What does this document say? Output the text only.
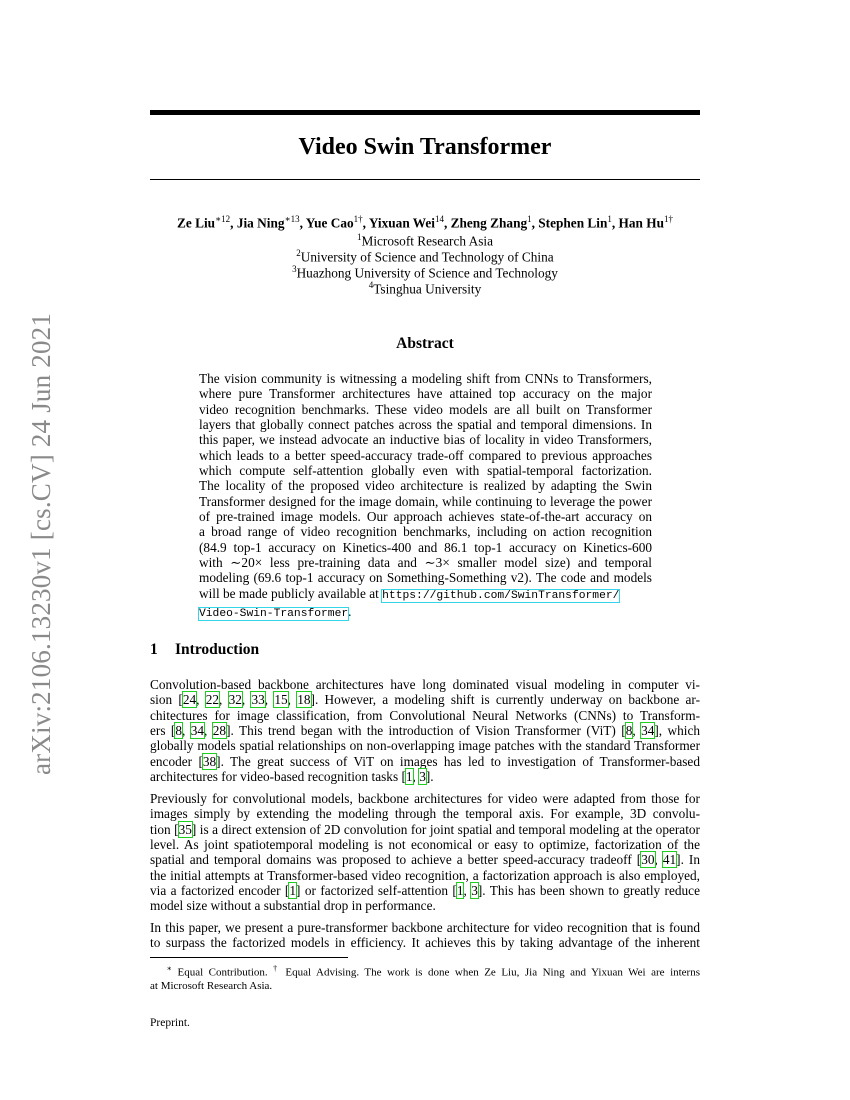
arXiv:2106.13230v1 [cs.CV] 24 Jun 2021
Video Swin Transformer
Ze Liu$^{∗12}$, Jia Ning$^{∗13}$, Yue Cao$^{1\dagger}$, Yixuan Wei$^{14}$, Zheng Zhang$^1$, Stephen Lin$^1$, Han $Hu^{1\dagger}$
$^1$Microsoft Research Asia
$^2$University of Science and Technology of China
$^3$Huazhong University of Science and Technology
$^4$Tsinghua University
Abstract
The vision community is witnessing a modeling shift from CNNs to Transformers,
where pure Transformer architectures have attained top accuracy on the major
video recognition benchmarks. These video models are all built on Transformer
layers that globally connect patches across the spatial and temporal dimensions. In
this paper, we instead advocate an inductive bias of locality in video Transformers,
which leads to a better speed-accuracy trade-off compared to previous approaches
which compute self-attention globally even with spatial-temporal factorization.
The locality of the proposed video architecture is realized by adapting the Swin
Transformer designed for the image domain, while continuing to leverage the power
of pre-trained image models. Our approach achieves state-of-the-art accuracy on
a broad range of video recognition benchmarks, including on action recognition
(84.9 top-1 accuracy on Kinetics-400 and 86.1 top-1 accuracy on Kinetics-600
with ∼20× less pre-training data and ∼3× smaller model size) and temporal
modeling (69.6 top-1 accuracy on Something-Something v2). The code and models
will be made publicly available at https://github.com/SwinTransformer/
Video-Swin-Transformer.
1 Introduction
Convolution-based backbone architectures have long dominated visual modeling in computer vi-
sion [24, 22, 32, 33, 15, 18]. However, a modeling shift is currently underway on backbone ar-
chitectures for image classification, from Convolutional Neural Networks (CNNs) to Transform-
ers [8, 34, 28]. This trend began with the introduction of Vision Transformer (ViT) [8, 34], which
globally models spatial relationships on non-overlapping image patches with the standard Transformer
encoder [38]. The great success of ViT on images has led to investigation of Transformer-based
architectures for video-based recognition tasks [1, 3].
Previously for convolutional models, backbone architectures for video were adapted from those for
images simply by extending the modeling through the temporal axis. For example, 3D convolu-
tion [35] is a direct extension of 2D convolution for joint spatial and temporal modeling at the operator
level. As joint spatiotemporal modeling is not economical or easy to optimize, factorization of the
spatial and temporal domains was proposed to achieve a better speed-accuracy tradeoff [30, 41]. In
the initial attempts at Transformer-based video recognition, a factorization approach is also employed,
via a factorized encoder [1] or factorized self-attention [1, 3]. This has been shown to greatly reduce
model size without a substantial drop in performance.
In this paper, we present a pure-transformer backbone architecture for video recognition that is found
to surpass the factorized models in efficiency. It achieves this by taking advantage of the inherent
∗ Equal Contribution. † Equal Advising. The work is done when Ze Liu, Jia Ning and Yixuan Wei are interns
at Microsoft Research Asia.
Preprint.
